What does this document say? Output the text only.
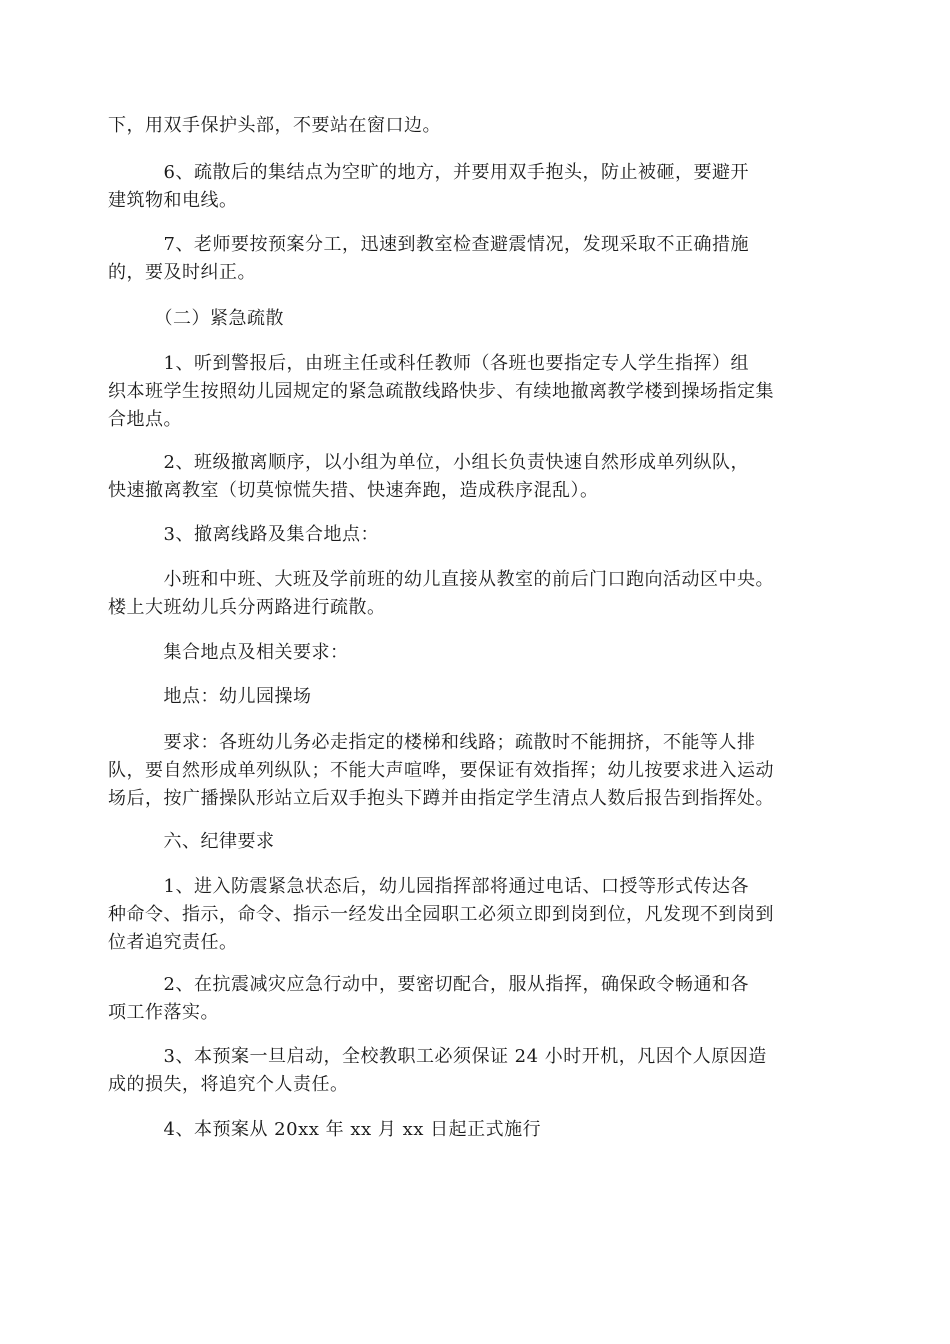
下，用双手保护头部，不要站在窗口边。

　　　6、疏散后的集结点为空旷的地方，并要用双手抱头，防止被砸，要避开
建筑物和电线。

　　　7、老师要按预案分工，迅速到教室检查避震情况，发现采取不正确措施
的，要及时纠正。

　　　（二）紧急疏散

　　　1、听到警报后，由班主任或科任教师（各班也要指定专人学生指挥）组
织本班学生按照幼儿园规定的紧急疏散线路快步、有续地撤离教学楼到操场指定集
合地点。

　　　2、班级撤离顺序，以小组为单位，小组长负责快速自然形成单列纵队，
快速撤离教室（切莫惊慌失措、快速奔跑，造成秩序混乱）。

　　　3、撤离线路及集合地点：

　　　小班和中班、大班及学前班的幼儿直接从教室的前后门口跑向活动区中央。
楼上大班幼儿兵分两路进行疏散。

　　　集合地点及相关要求：

　　　地点：幼儿园操场

　　　要求：各班幼儿务必走指定的楼梯和线路；疏散时不能拥挤，不能等人排
队，要自然形成单列纵队；不能大声喧哗，要保证有效指挥；幼儿按要求进入运动
场后，按广播操队形站立后双手抱头下蹲并由指定学生清点人数后报告到指挥处。

　　　六、纪律要求

　　　1、进入防震紧急状态后，幼儿园指挥部将通过电话、口授等形式传达各
种命令、指示，命令、指示一经发出全园职工必须立即到岗到位，凡发现不到岗到
位者追究责任。

　　　2、在抗震减灾应急行动中，要密切配合，服从指挥，确保政令畅通和各
项工作落实。

　　　3、本预案一旦启动，全校教职工必须保证 24 小时开机，凡因个人原因造
成的损失，将追究个人责任。

　　　4、本预案从 20xx 年 xx 月 xx 日起正式施行
